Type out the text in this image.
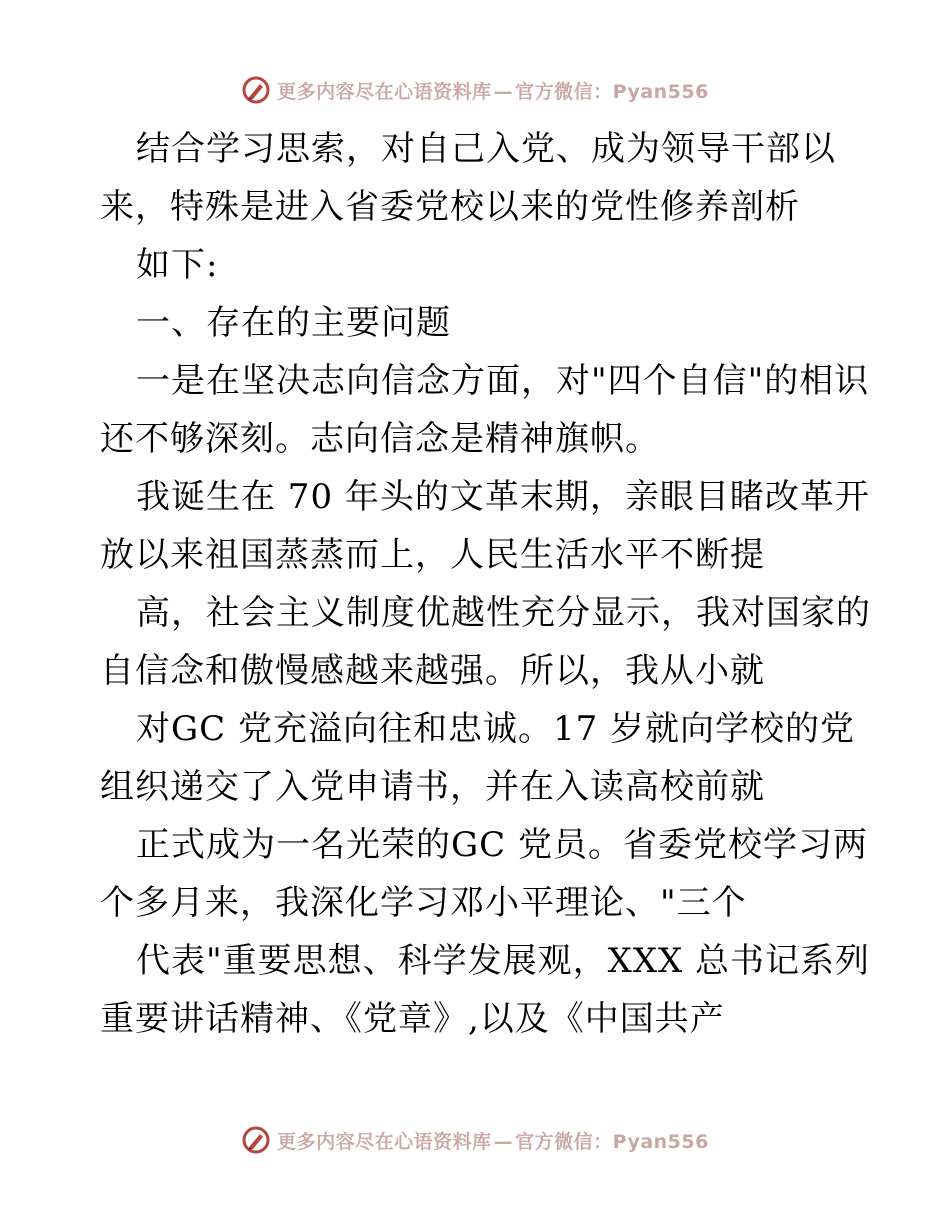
更多内容尽在心语资料库 — 官方微信：Pyan556
结合学习思索，对自己入党、成为领导干部以
来，特殊是进入省委党校以来的党性修养剖析
如下:
一、存在的主要问题
一是在坚决志向信念方面，对"四个自信"的相识
还不够深刻。志向信念是精神旗帜。
我诞生在 70 年头的文革末期，亲眼目睹改革开
放以来祖国蒸蒸而上，人民生活水平不断提
高，社会主义制度优越性充分显示，我对国家的
自信念和傲慢感越来越强。所以，我从小就
对GC 党充溢向往和忠诚。17 岁就向学校的党
组织递交了入党申请书，并在入读高校前就
正式成为一名光荣的GC 党员。省委党校学习两
个多月来，我深化学习邓小平理论、"三个
代表"重要思想、科学发展观，XXX 总书记系列
重要讲话精神、《党章》,以及《中国共产
更多内容尽在心语资料库 — 官方微信：Pyan556
